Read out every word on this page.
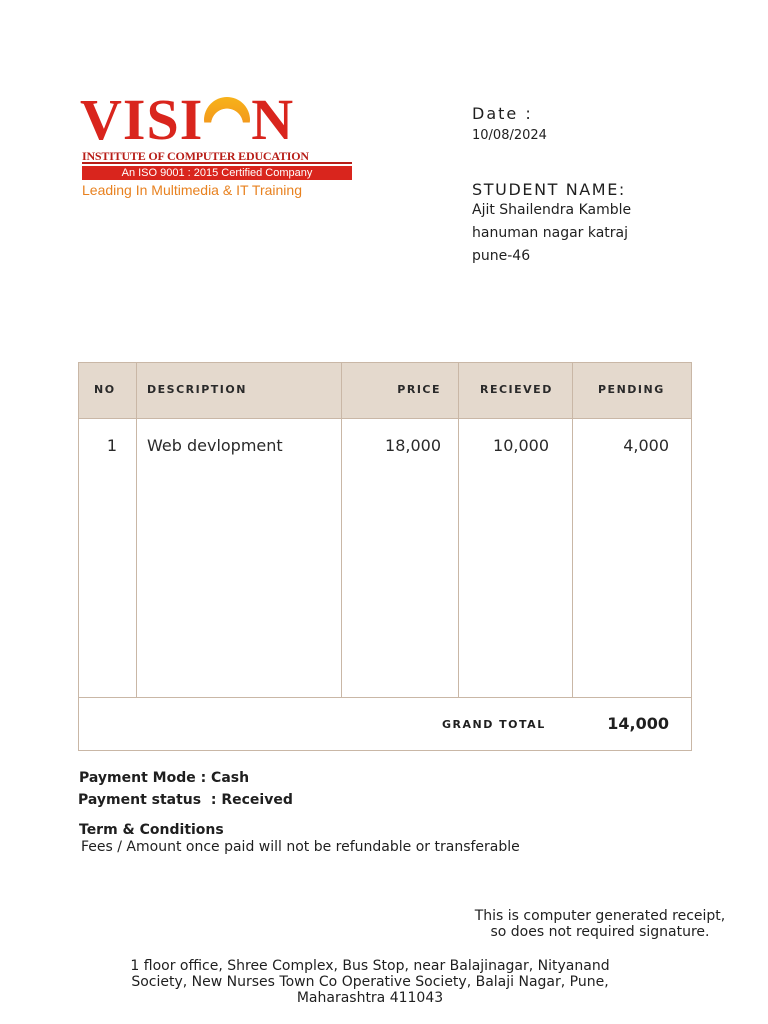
VISI N
INSTITUTE OF COMPUTER EDUCATION
An ISO 9001 : 2015 Certified Company
Leading In Multimedia & IT Training
Date :
10/08/2024
STUDENT NAME:
Ajit Shailendra Kamble
hanuman nagar katraj
pune-46
NO	DESCRIPTION	PRICE	RECIEVED	PENDING
1 Web devlopment	18,000	10,000	4,000
GRAND TOTAL	14,000
Payment Mode : Cash
Payment status  : Received
Term & Conditions
Fees / Amount once paid will not be refundable or transferable
This is computer generated receipt,
so does not required signature.
1 floor office, Shree Complex, Bus Stop, near Balajinagar, Nityanand
Society, New Nurses Town Co Operative Society, Balaji Nagar, Pune,
Maharashtra 411043
